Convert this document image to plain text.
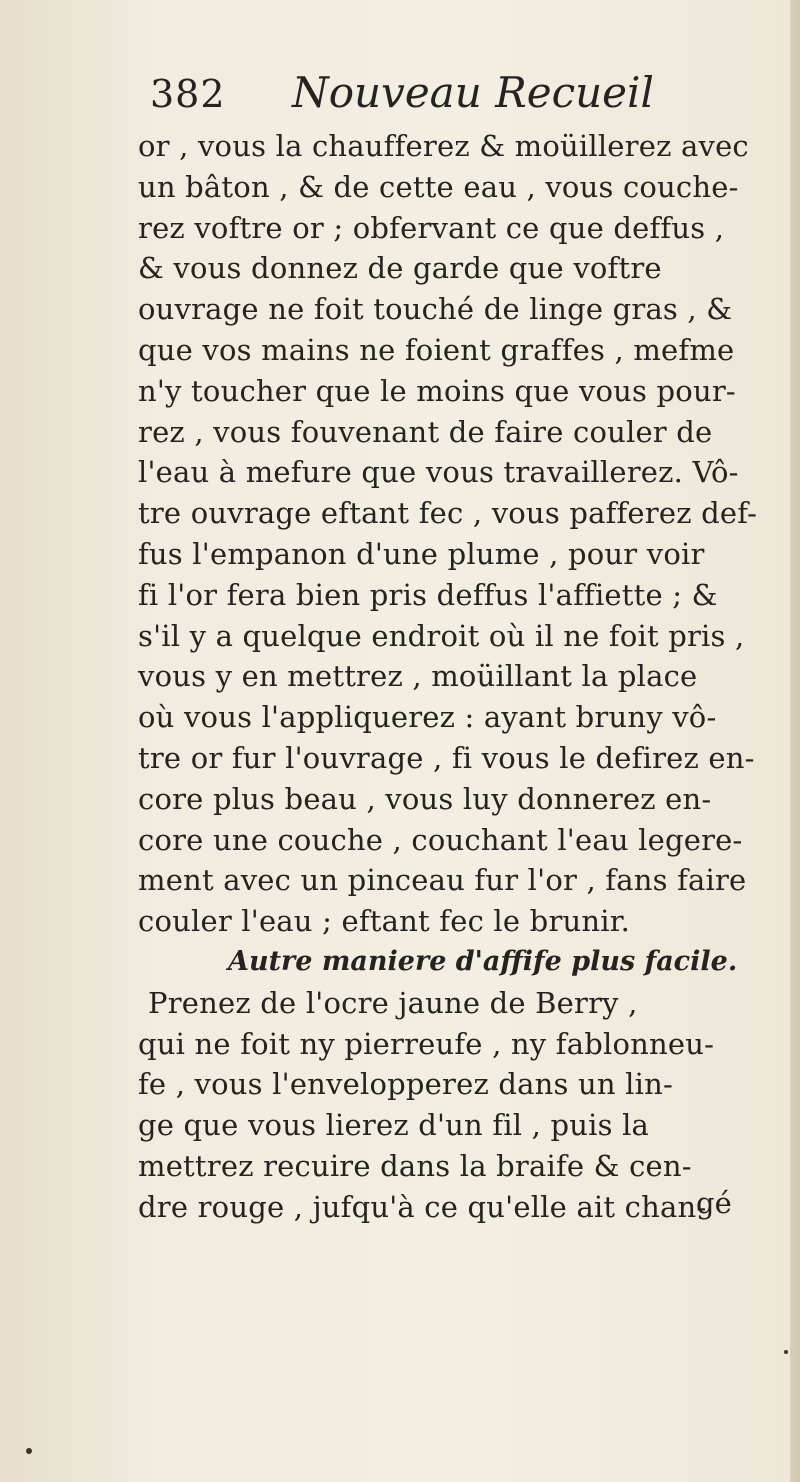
382 Nouveau Recueil
or , vous la chaufferez & moüillerez avec
un bâton , & de cette eau , vous couche-
rez voftre or ; obfervant ce que deffus ,
& vous donnez de garde que voftre
ouvrage ne foit touché de linge gras , &
que vos mains ne foient graffes , mefme
n'y toucher que le moins que vous pour-
rez , vous fouvenant de faire couler de
l'eau à mefure que vous travaillerez. Vô-
tre ouvrage eftant fec , vous pafferez def-
fus l'empanon d'une plume , pour voir
fi l'or fera bien pris deffus l'affiette ; &
s'il y a quelque endroit où il ne foit pris ,
vous y en mettrez , moüillant la place
où vous l'appliquerez : ayant bruny vô-
tre or fur l'ouvrage , fi vous le defirez en-
core plus beau , vous luy donnerez en-
core une couche , couchant l'eau legere-
ment avec un pinceau fur l'or , fans faire
couler l'eau ; eftant fec le brunir.
Autre maniere d'affife plus facile.
Prenez de l'ocre jaune de Berry ,
qui ne foit ny pierreufe , ny fablonneu-
fe , vous l'envelopperez dans un lin-
ge que vous lierez d'un fil , puis la
mettrez recuire dans la braife & cen-
dre rouge , jufqu'à ce qu'elle ait chan-
gé
